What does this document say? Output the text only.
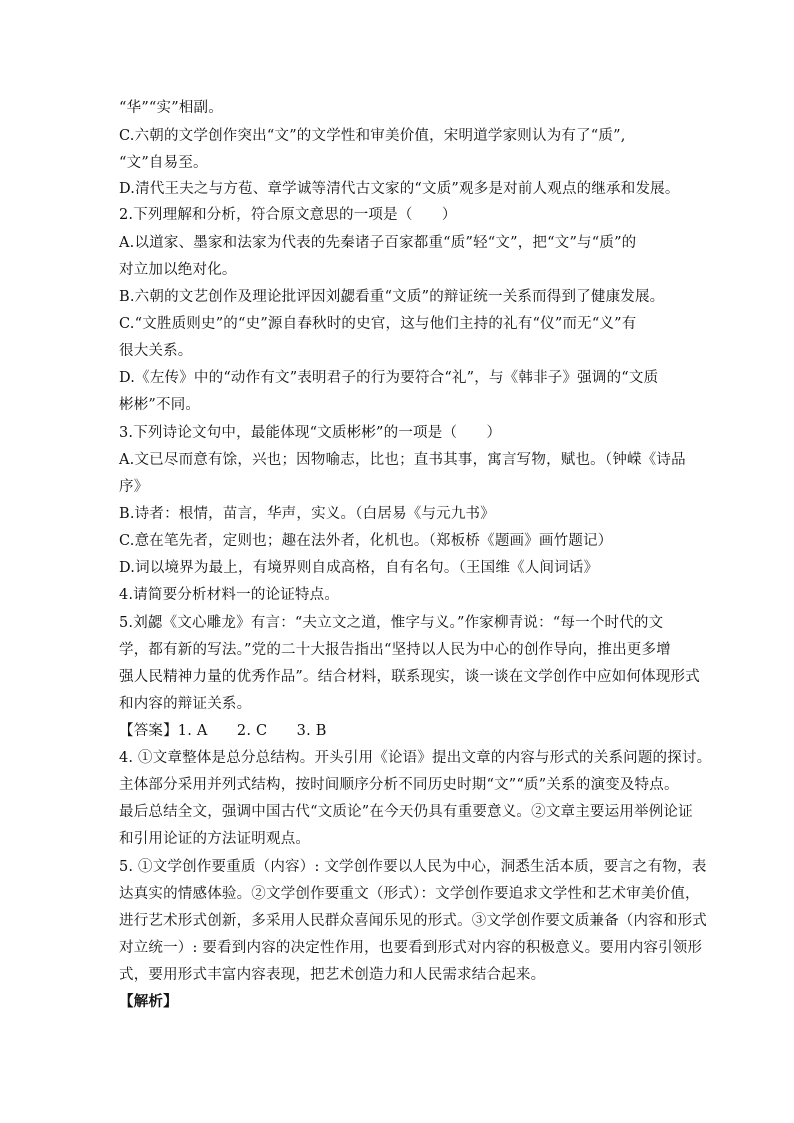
“华”“实”相副。
C.六朝的文学创作突出“文”的文学性和审美价值，宋明道学家则认为有了“质”,
“文”自易至。
D.清代王夫之与方苞、章学诚等清代古文家的“文质”观多是对前人观点的继承和发展。
2.下列理解和分析，符合原文意思的一项是（　　）
A.以道家、墨家和法家为代表的先秦诸子百家都重“质”轻“文”，把“文”与“质”的
对立加以绝对化。
B.六朝的文艺创作及理论批评因刘勰看重“文质”的辩证统一关系而得到了健康发展。
C.“文胜质则史”的“史”源自春秋时的史官，这与他们主持的礼有“仪”而无“义”有
很大关系。
D.《左传》中的“动作有文”表明君子的行为要符合“礼”，与《韩非子》强调的“文质
彬彬”不同。
3.下列诗论文句中，最能体现“文质彬彬”的一项是（　　）
A.文已尽而意有馀，兴也；因物喻志，比也；直书其事，寓言写物，赋也。（钟嵘《诗品
序》
B.诗者：根情，苗言，华声，实义。（白居易《与元九书》
C.意在笔先者，定则也；趣在法外者，化机也。（郑板桥《题画》画竹题记）
D.词以境界为最上，有境界则自成高格，自有名句。（王国维《人间词话》
4.请简要分析材料一的论证特点。
5.刘勰《文心雕龙》有言：“夫立文之道，惟字与义。”作家柳青说：“每一个时代的文
学，都有新的写法。”党的二十大报告指出“坚持以人民为中心的创作导向，推出更多增
强人民精神力量的优秀作品”。结合材料，联系现实，谈一谈在文学创作中应如何体现形式
和内容的辩证关系。
【答案】1. A　　2. C　　3. B
4. ①文章整体是总分总结构。开头引用《论语》提出文章的内容与形式的关系问题的探讨。
主体部分采用并列式结构，按时间顺序分析不同历史时期“文”“质”关系的演变及特点。
最后总结全文，强调中国古代“文质论”在今天仍具有重要意义。②文章主要运用举例论证
和引用论证的方法证明观点。
5. ①文学创作要重质（内容）: 文学创作要以人民为中心，洞悉生活本质，要言之有物，表
达真实的情感体验。②文学创作要重文（形式）：文学创作要追求文学性和艺术审美价值，
进行艺术形式创新，多采用人民群众喜闻乐见的形式。③文学创作要文质兼备（内容和形式
对立统一）: 要看到内容的决定性作用，也要看到形式对内容的积极意义。要用内容引领形
式，要用形式丰富内容表现，把艺术创造力和人民需求结合起来。
【解析】
